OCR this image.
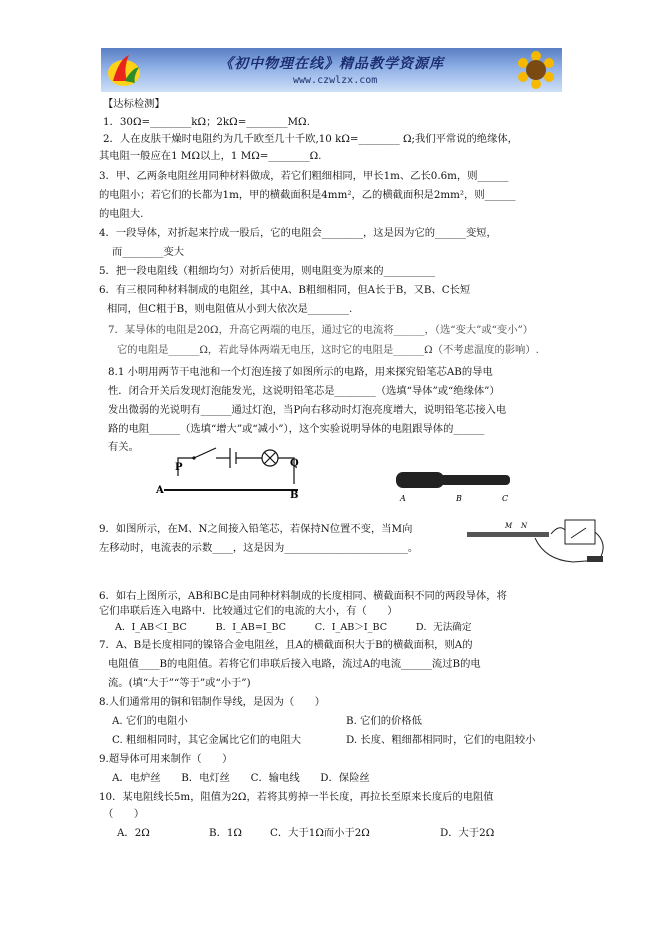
《初中物理在线》精品教学资源库
www.czwlzx.com
【达标检测】
1．30Ω=________kΩ；2kΩ=________MΩ.
2．人在皮肤干燥时电阻约为几千欧至几十千欧,10 kΩ=________ Ω;我们平常说的绝缘体，
其电阻一般应在1 MΩ以上，1 MΩ=________Ω.
3．甲、乙两条电阻丝用同种材料做成，若它们粗细相同，甲长1m、乙长0.6m，则______
的电阻小；若它们的长都为1m，甲的横截面积是4mm²，乙的横截面积是2mm²，则______
的电阻大.
4．一段导体，对折起来拧成一股后，它的电阻会________，这是因为它的______变短，
而________变大
5．把一段电阻线（粗细均匀）对折后使用，则电阻变为原来的__________
6．有三根同种材料制成的电阻丝，其中A、B粗细相同，但A长于B，又B、C长短
相同，但C粗于B，则电阻值从小到大依次是________.
7．某导体的电阻是20Ω，升高它两端的电压，通过它的电流将______，（选“变大”或“变小”）
它的电阻是______Ω，若此导体两端无电压，这时它的电阻是______Ω（不考虑温度的影响）.
8.1 小明用两节干电池和一个灯泡连接了如图所示的电路，用来探究铅笔芯AB的导电
性．闭合开关后发现灯泡能发光，这说明铅笔芯是________（选填“导体”或“绝缘体”）
发出微弱的光说明有______通过灯泡，当P向右移动时灯泡亮度增大，说明铅笔芯接入电
路的电阻______（选填“增大”或“减小”），这个实验说明导体的电阻跟导体的______
有关。
P	Q
A	B	A	B	C
9．如图所示，在M、N之间接入铅笔芯，若保持N位置不变，当M向
左移动时，电流表的示数____，这是因为________________________。
M N
6．如右上图所示，AB和BC是由同种材料制成的长度相同、横截面积不同的两段导体，将
它们串联后连入电路中．比较通过它们的电流的大小，有（　　）
A．I_AB＜I_BC　　　B．I_AB=I_BC　　　C．I_AB＞I_BC　　　D．无法确定
7．A、B是长度相同的镍铬合金电阻丝，且A的横截面积大于B的横截面积，则A的
电阻值____B的电阻值。若将它们串联后接入电路，流过A的电流______流过B的电
流。(填“大于”“等于”或“小于”)
8.人们通常用的铜和铝制作导线，是因为（　　）
A. 它们的电阻小	B. 它们的价格低
C. 粗细相同时，其它金属比它们的电阻大	D. 长度、粗细都相同时，它们的电阻较小
9.超导体可用来制作（　　）
A．电炉丝　　B．电灯丝　　C．输电线　　D．保险丝
10．某电阻线长5m，阻值为2Ω，若将其剪掉一半长度，再拉长至原来长度后的电阻值
（　　）
A．2Ω	B．1Ω	C．大于1Ω而小于2Ω	D．大于2Ω
